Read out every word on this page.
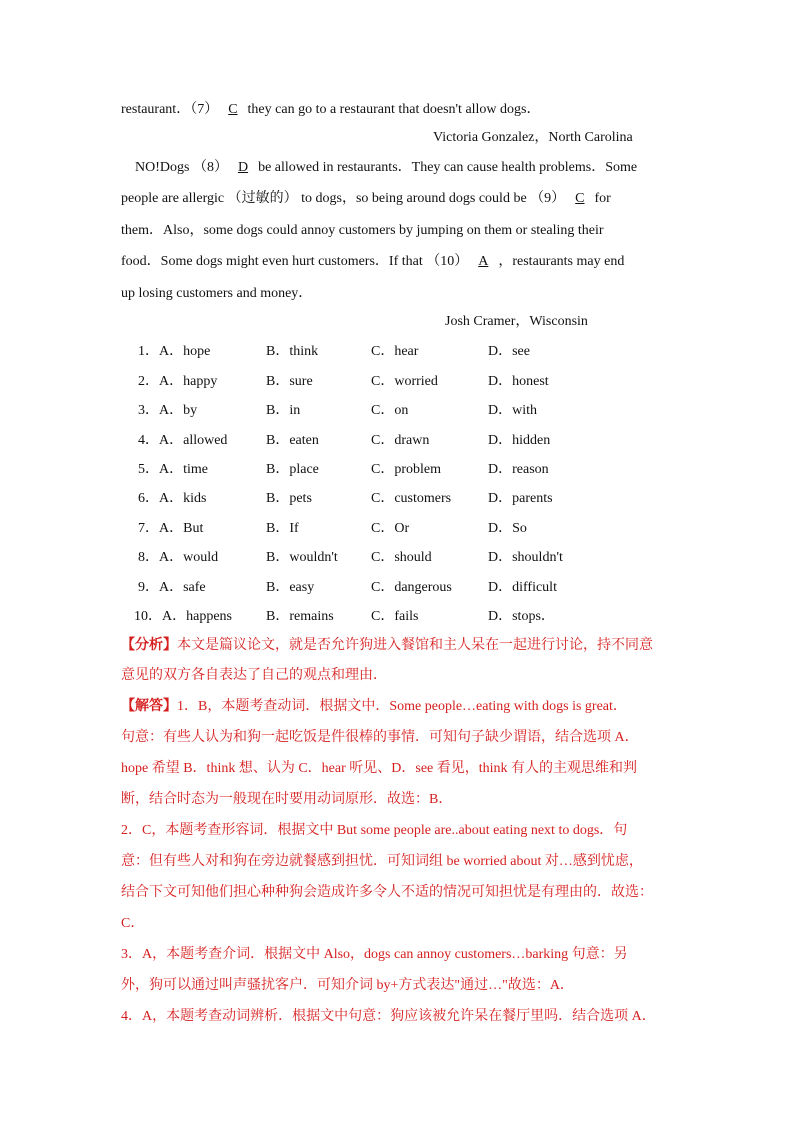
restaurant．（7） C they can go to a restaurant that doesn't allow dogs．
Victoria Gonzalez，North Carolina
NO!Dogs （8） D be allowed in restaurants．They can cause health problems．Some
people are allergic （过敏的） to dogs，so being around dogs could be （9） C for
them．Also，some dogs could annoy customers by jumping on them or stealing their
food．Some dogs might even hurt customers．If that （10） A ，restaurants may end
up losing customers and money．
Josh Cramer，Wisconsin
1．A．hope	B．think	C．hear	D．see
2．A．happy	B．sure	C．worried	D．honest
3．A．by	B．in	C．on	D．with
4．A．allowed	B．eaten	C．drawn	D．hidden
5．A．time	B．place	C．problem	D．reason
6．A．kids	B．pets	C．customers	D．parents
7．A．But	B．If	C．Or	D．So
8．A．would	B．wouldn't C．should	D．shouldn't
9．A．safe	B．easy	C．dangerous	D．difficult
10．A．happens B．remains	C．fails	D．stops．
【分析】本文是篇议论文，就是否允许狗进入餐馆和主人呆在一起进行讨论，持不同意
意见的双方各自表达了自己的观点和理由．
【解答】1．B，本题考查动词．根据文中．Some people…eating with dogs is great．
句意：有些人认为和狗一起吃饭是件很棒的事情．可知句子缺少谓语，结合选项 A．
hope 希望 B．think 想、认为 C．hear 听见、D．see 看见，think 有人的主观思维和判
断，结合时态为一般现在时要用动词原形．故选：B．
2．C，本题考查形容词．根据文中 But some people are..about eating next to dogs．句
意：但有些人对和狗在旁边就餐感到担忧．可知词组 be worried about 对…感到忧虑，
结合下文可知他们担心种种狗会造成许多令人不适的情况可知担忧是有理由的．故选：
C．
3．A，本题考查介词．根据文中 Also，dogs can annoy customers…barking 句意：另
外，狗可以通过叫声骚扰客户．可知介词 by+方式表达"通过…"故选：A．
4．A，本题考查动词辨析．根据文中句意：狗应该被允许呆在餐厅里吗．结合选项 A．
